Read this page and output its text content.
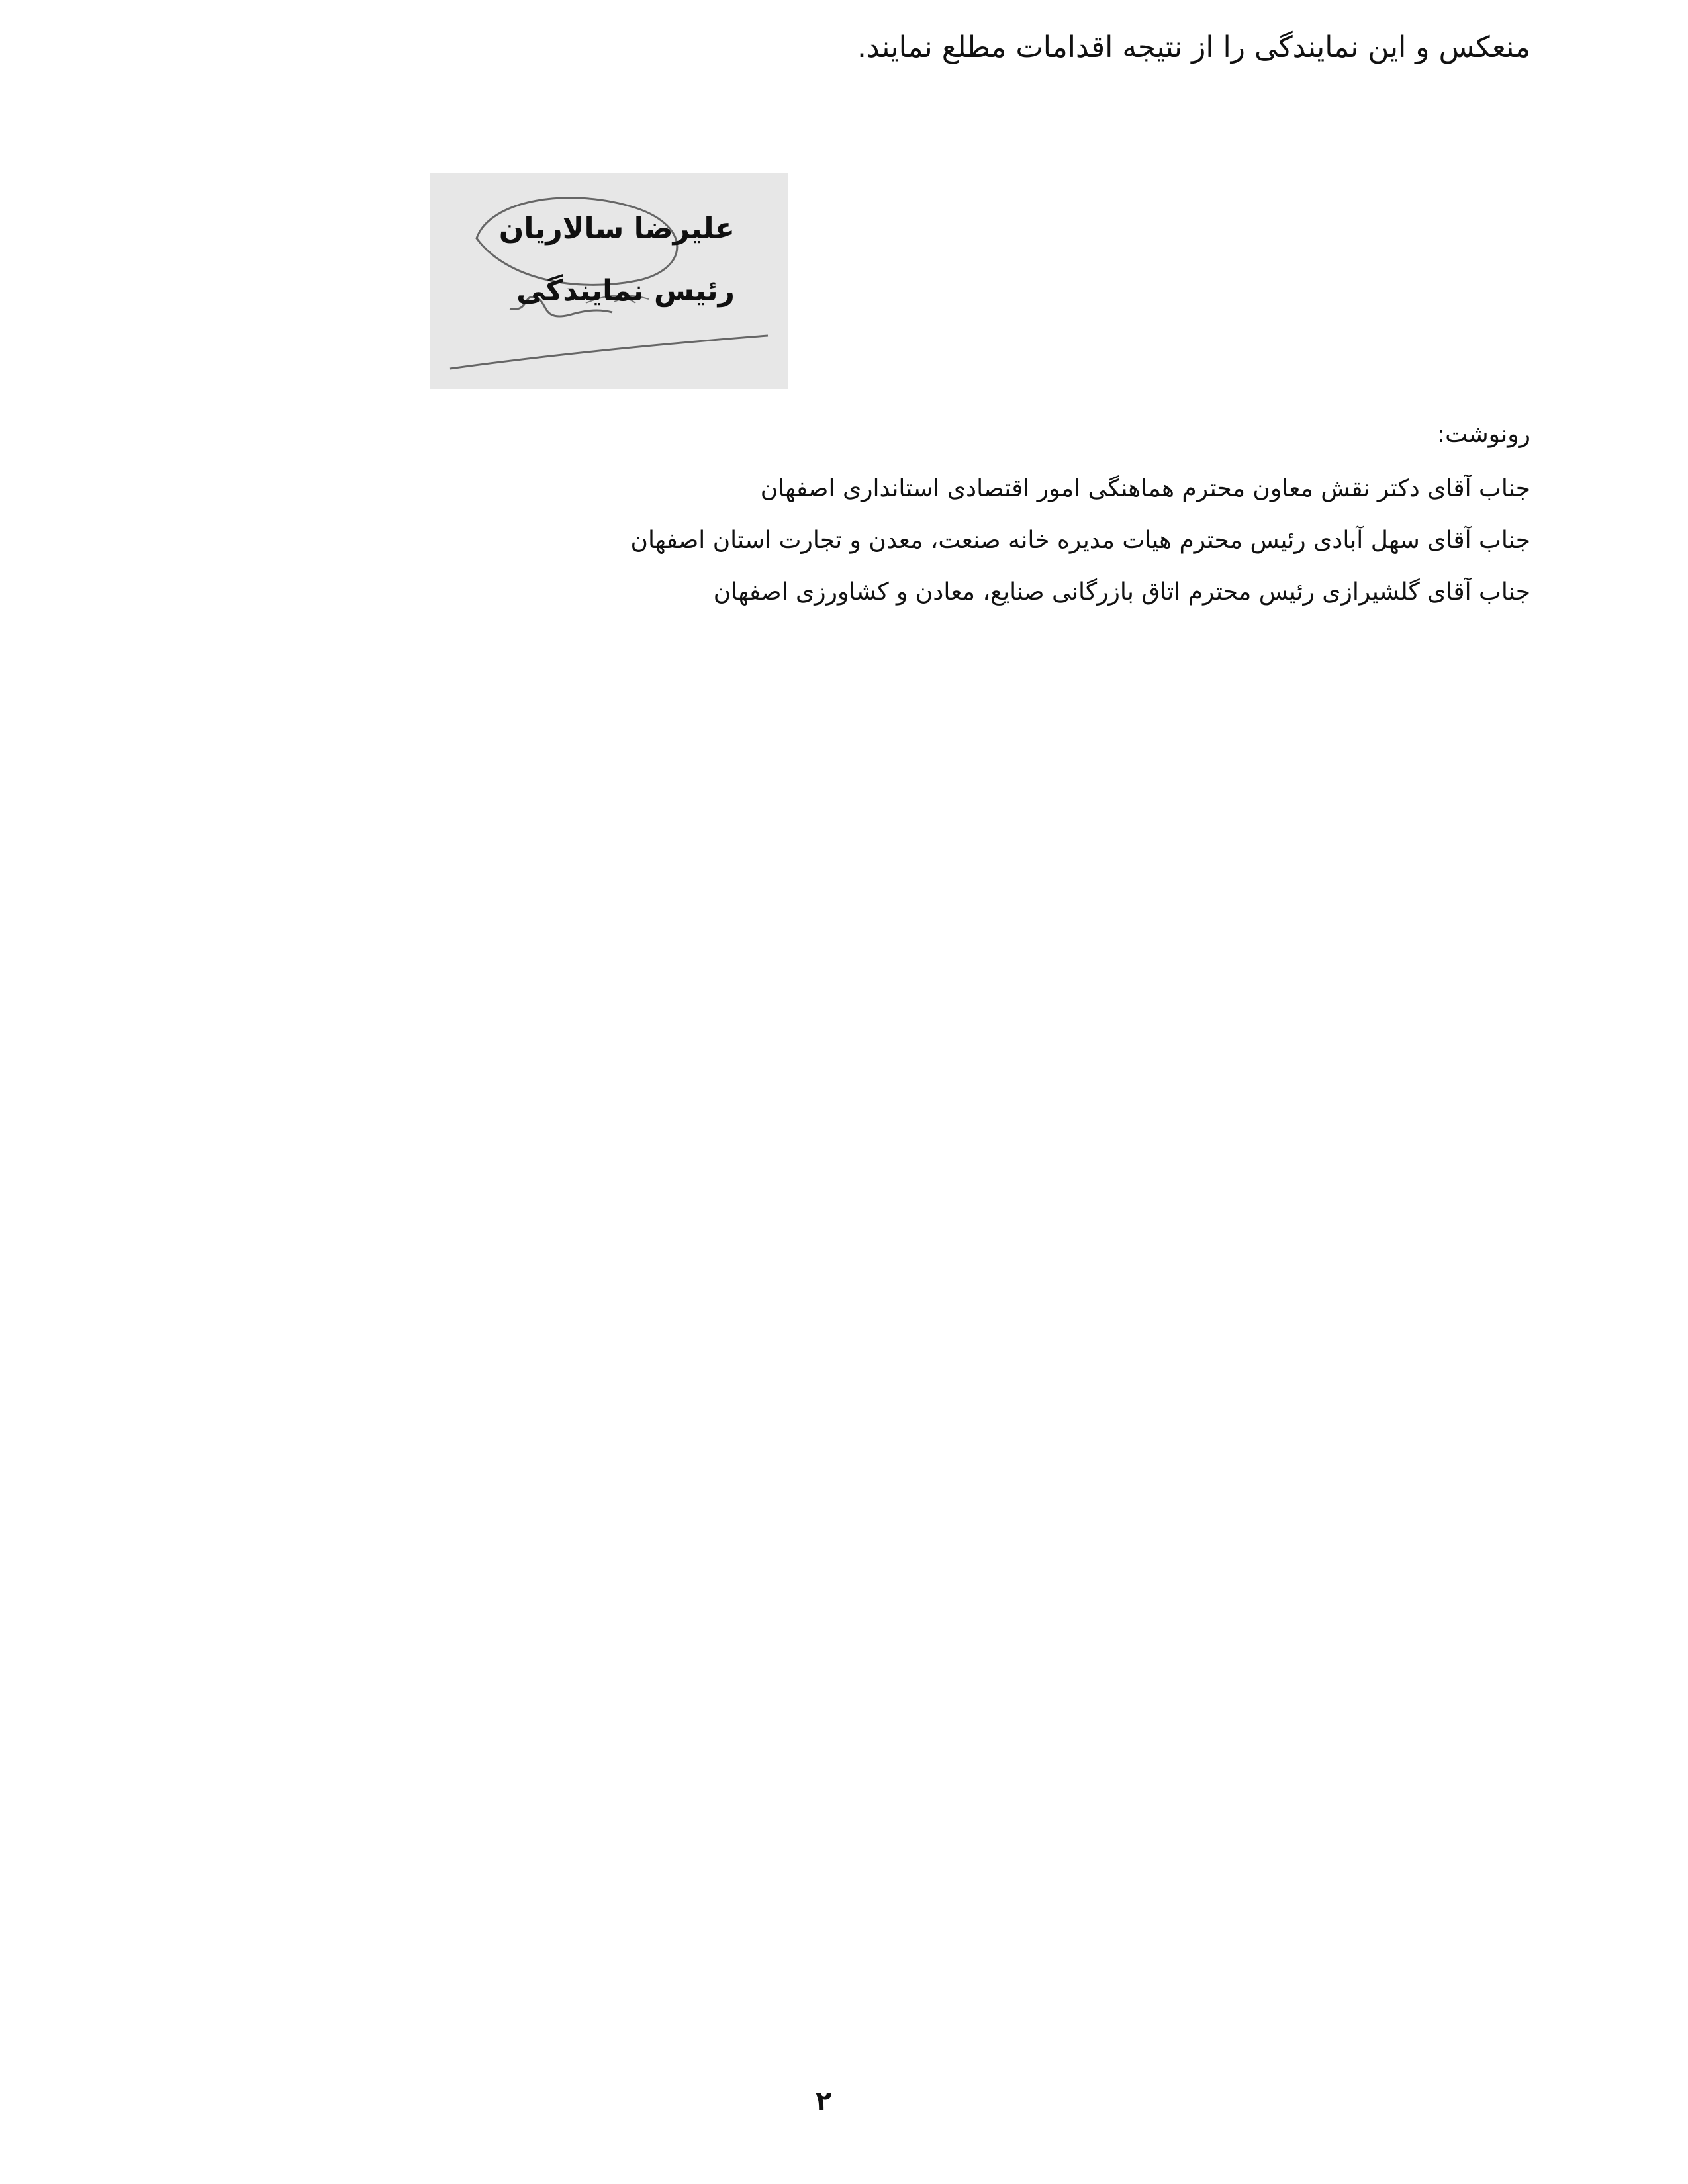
منعکس و این نمایندگی را از نتیجه اقدامات مطلع نمایند.
علیرضا سالاریان
رئیس نمایندگی
رونوشت:
جناب آقای دکتر نقش معاون محترم هماهنگی امور اقتصادی استانداری اصفهان
جناب آقای سهل آبادی رئیس محترم هیات مدیره خانه صنعت، معدن و تجارت استان اصفهان
جناب آقای گلشیرازی رئیس محترم اتاق بازرگانی صنایع، معادن و کشاورزی اصفهان
۲
